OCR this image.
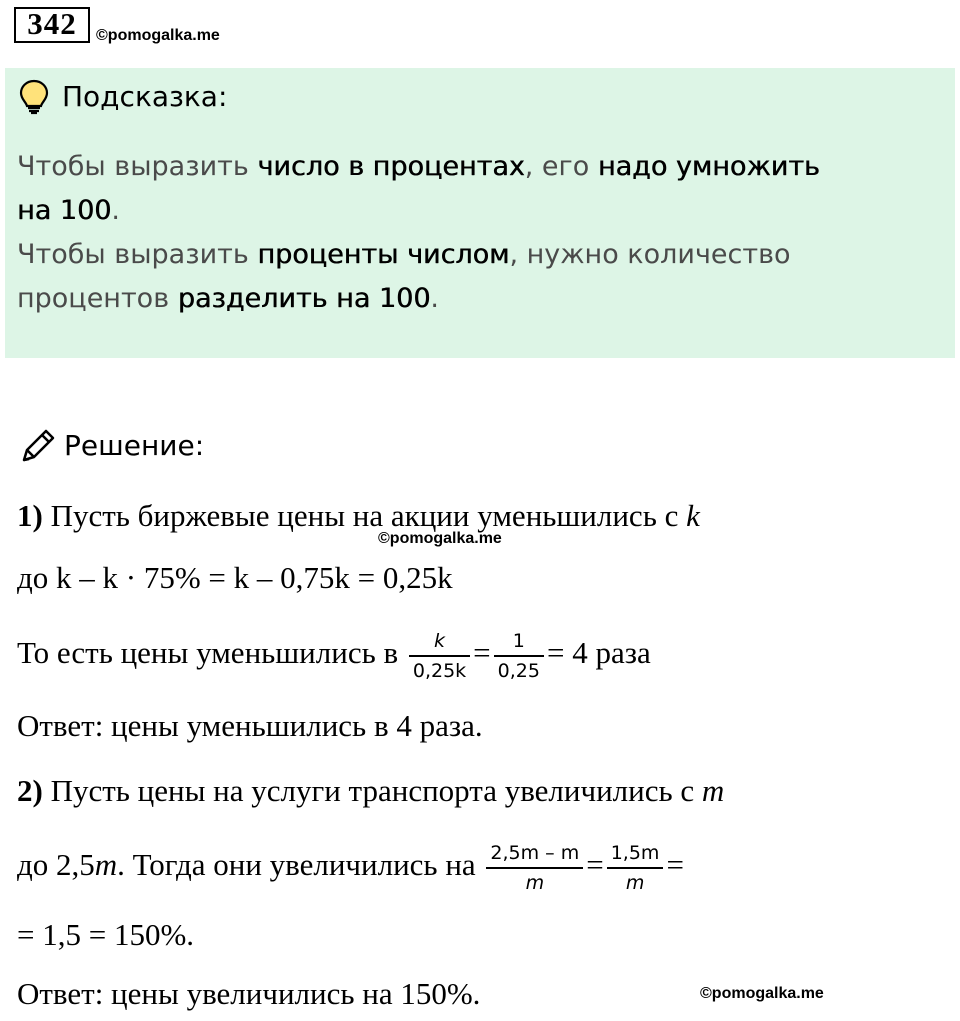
342	©pomogalka.me
Подсказка:
Чтобы выразить число в процентах, его надо умножить
на 100.
Чтобы выразить проценты числом, нужно количество
процентов разделить на 100.
Решение:
1) Пусть биржевые цены на акции уменьшились с k
©pomogalka.me
до k – k · 75% = k – 0,75k = 0,25k
То есть цены уменьшились в $\frac{k}{0,25k} = \frac{1}{0,25} = 4$ раза
Ответ: цены уменьшились в 4 раза.
2) Пусть цены на услуги транспорта увеличились с m
до 2,5m. Тогда они увеличились на $\frac{2,5m - m}{m} = \frac{1,5m}{m}$ =
= 1,5 = 150%.
Ответ: цены увеличились на 150%.	©pomogalka.me
